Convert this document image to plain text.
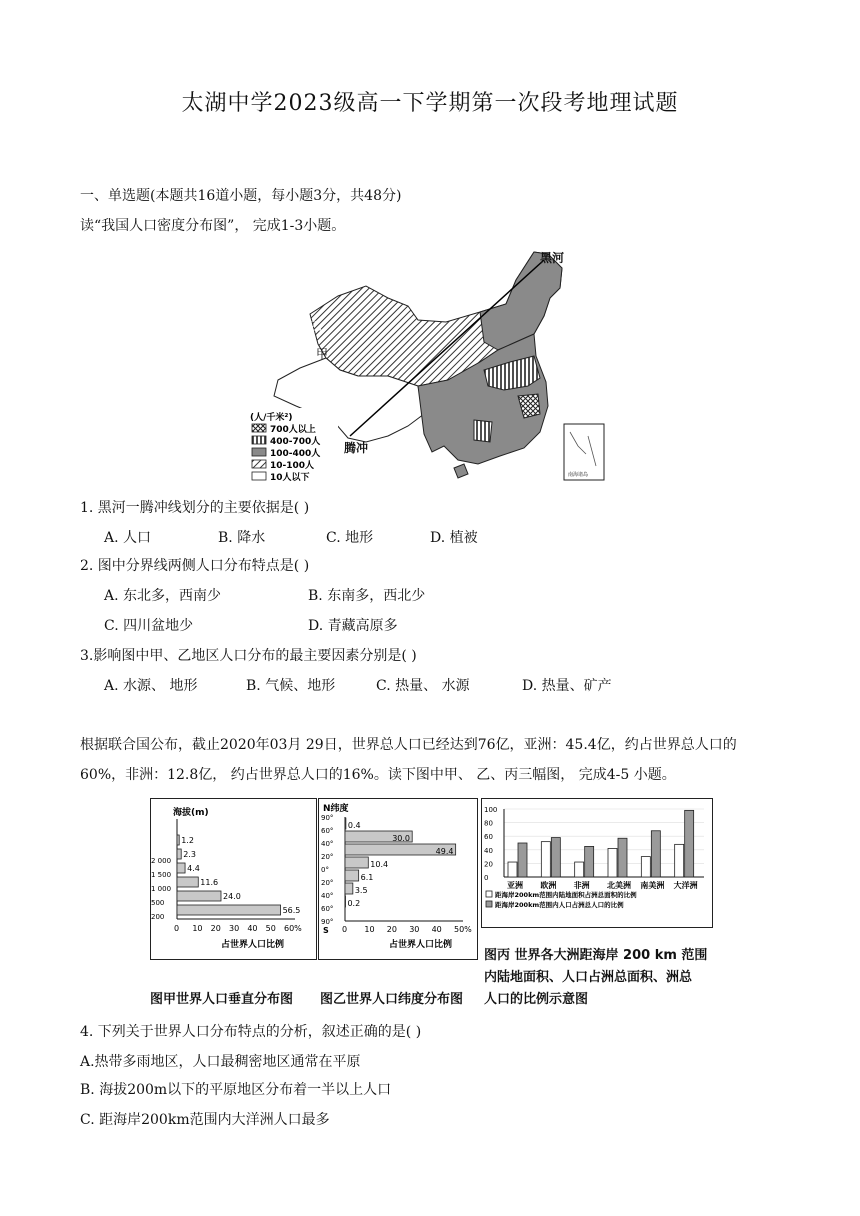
太湖中学2023级高一下学期第一次段考地理试题
一、单选题(本题共16道小题，每小题3分，共48分)
读“我国人口密度分布图”， 完成1-3小题。
南海诸岛
黑河
腾冲
甲
乙
(人/千米²)
700人以上
400-700人
100-400人
10-100人
10人以下
1. 黑河一腾冲线划分的主要依据是( )
A. 人口	B. 降水	C. 地形	D. 植被
2. 图中分界线两侧人口分布特点是( )
A. 东北多，西南少	B. 东南多，西北少
C. 四川盆地少	D. 青藏高原多
3.影响图中甲、乙地区人口分布的最主要因素分别是( )
A. 水源、 地形	B. 气候、地形	C. 热量、 水源	D. 热量、矿产
根据联合国公布，截止2020年03月 29日，世界总人口已经达到76亿，亚洲：45.4亿，约占世界总人口的60%，非洲：12.8亿， 约占世界总人口的16%。读下图中甲、 乙、丙三幅图， 完成4-5 小题。
海拔(m)
56.5
200
24.0
500
11.6
1 000
4.4
1 500
2.3
2 000
1.2
0 10 20 30 40 50 60%
占世界人口比例
N纬度
90°
60°
40°
20°
0°
20°
40°
60°
90°
0.4
30.0
49.4
10.4
6.1
3.5
0.2
0 10 20 30 40 50%
S
占世界人口比例
0
20
40
60
80
100
亚洲 欧洲 非洲 北美洲 南美洲 大洋洲
距海岸200km范围内陆地面积占洲总面积的比例
距海岸200km范围内人口占洲总人口的比例
图甲世界人口垂直分布图 图乙世界人口纬度分布图
图丙 世界各大洲距海岸 200 km 范围
内陆地面积、人口占洲总面积、洲总
人口的比例示意图
4. 下列关于世界人口分布特点的分析，叙述正确的是( )
A.热带多雨地区，人口最稠密地区通常在平原
B. 海拔200m以下的平原地区分布着一半以上人口
C. 距海岸200km范围内大洋洲人口最多
